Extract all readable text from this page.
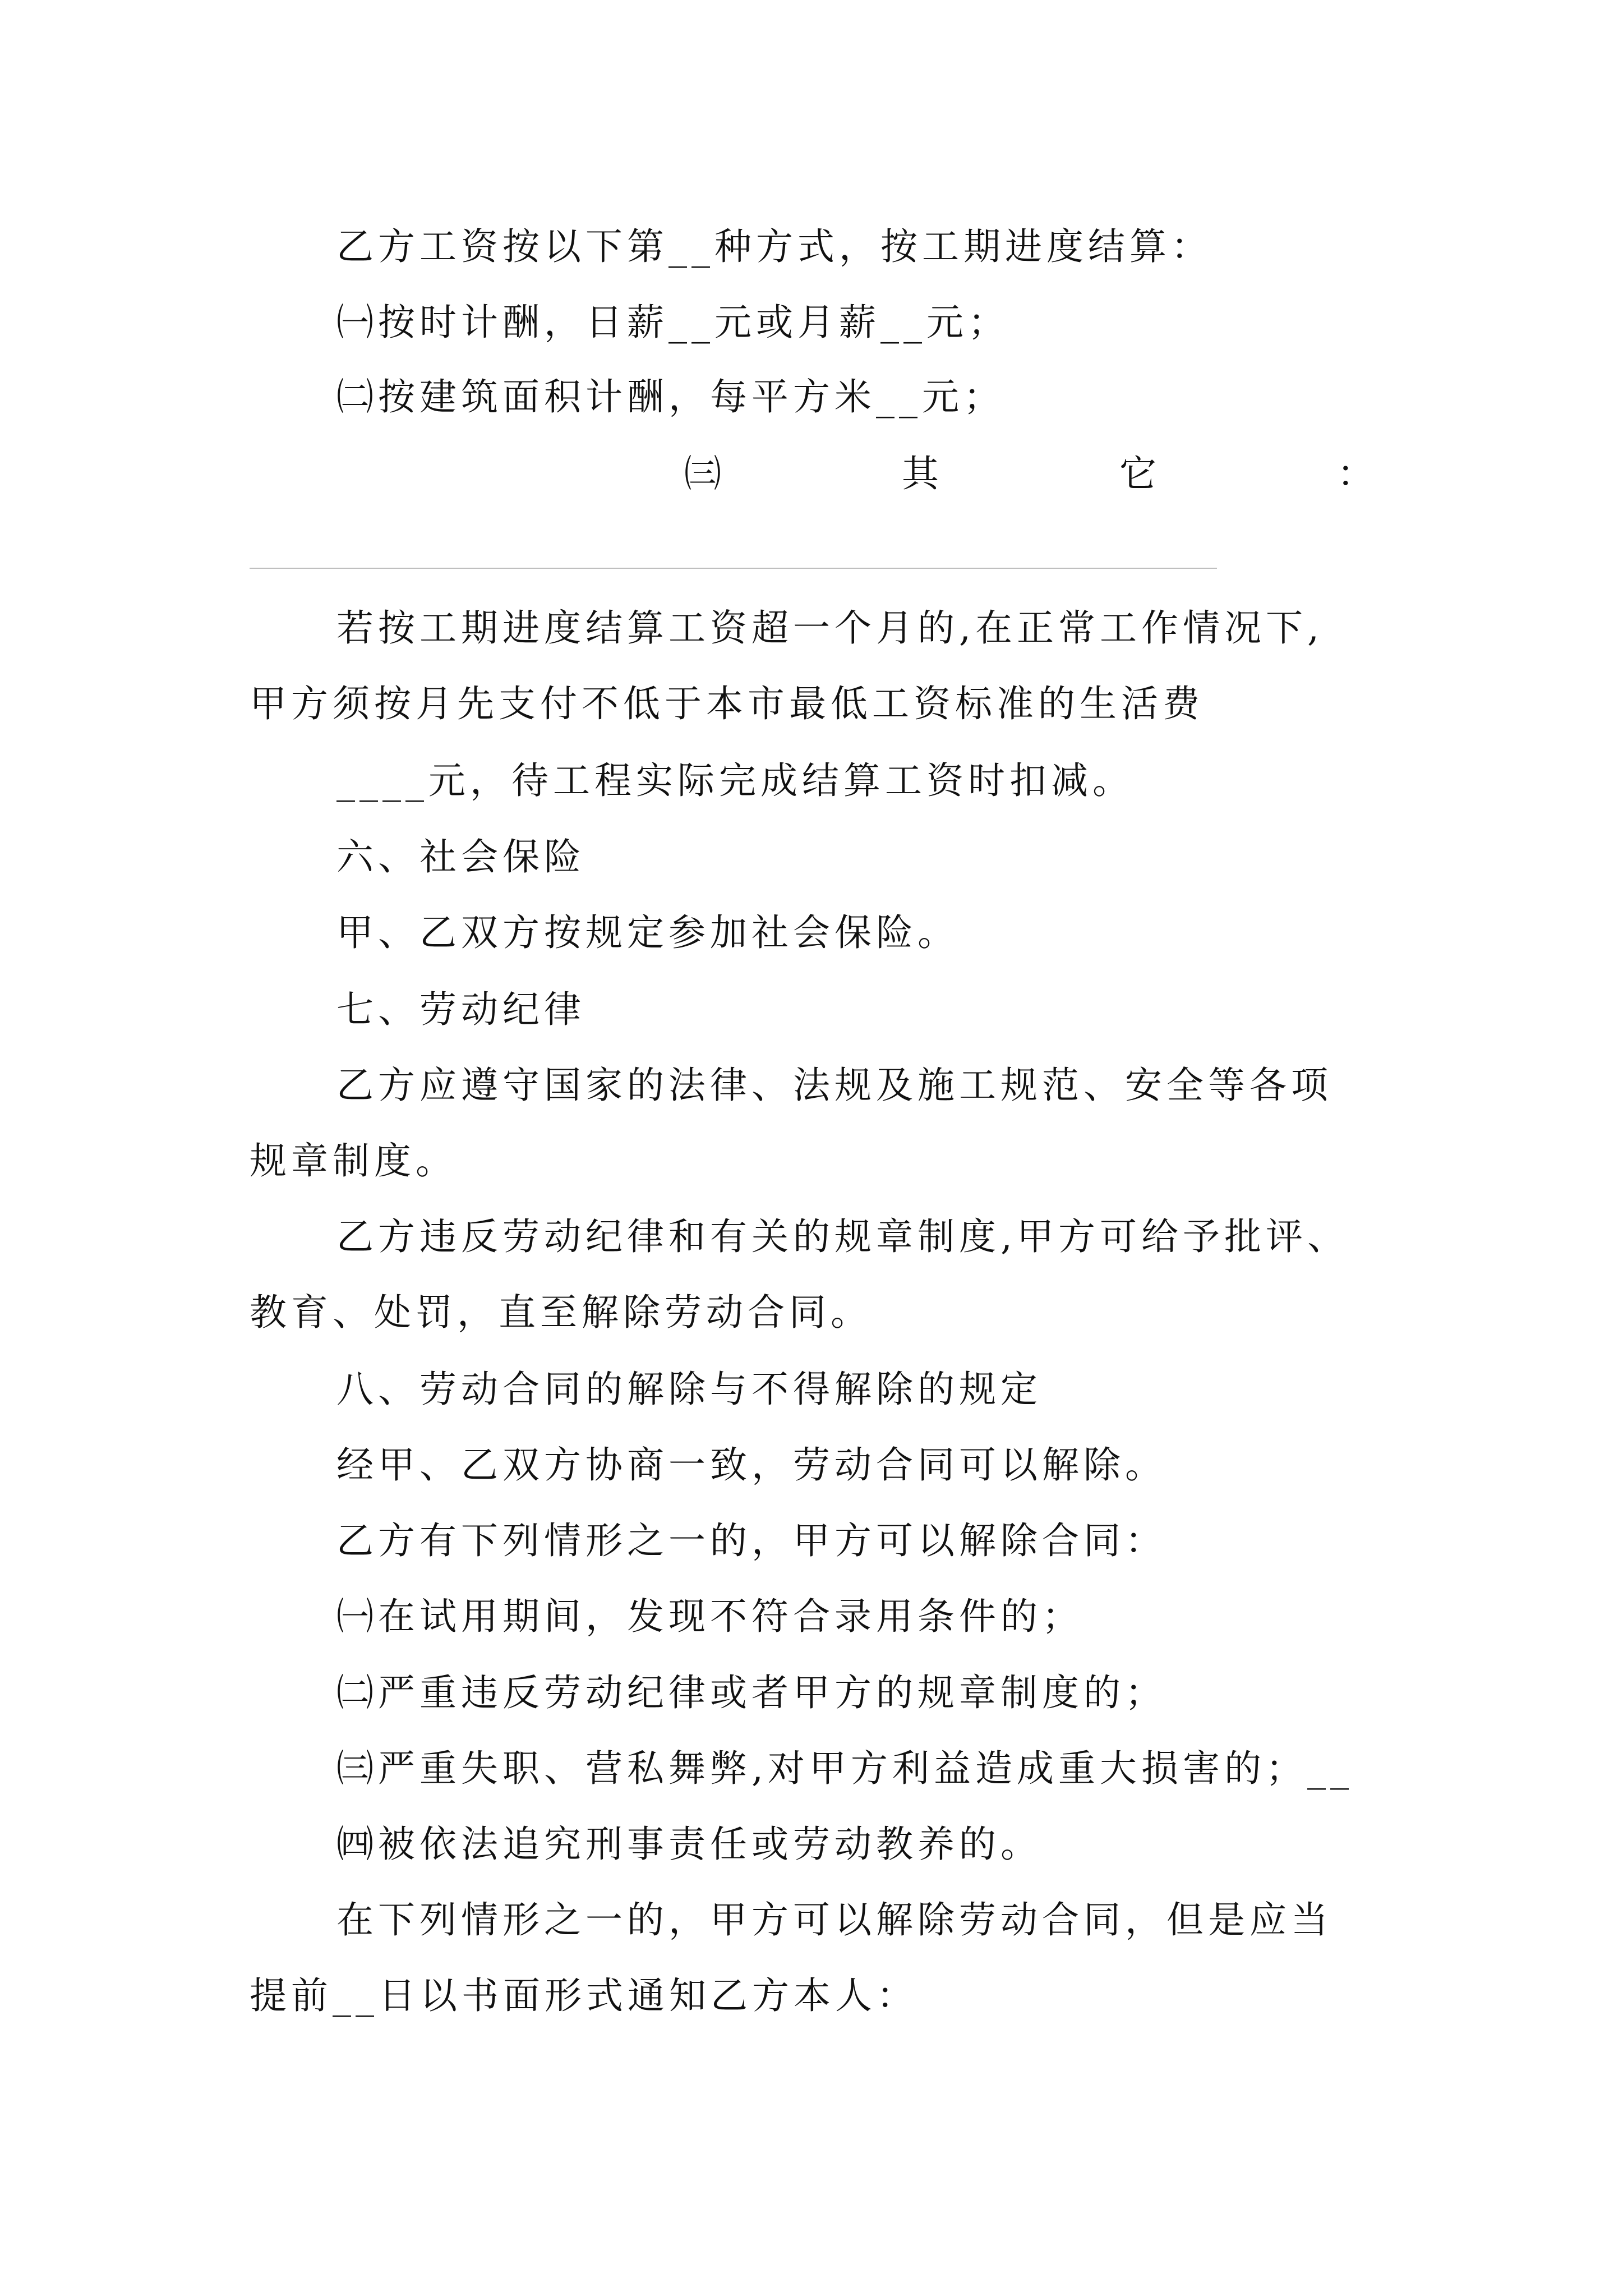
乙方工资按以下第__种方式，按工期进度结算：
㈠按时计酬，日薪__元或月薪__元；
㈡按建筑面积计酬，每平方米__元；
㈢	其	它	：
若按工期进度结算工资超一个月的,在正常工作情况下,
甲方须按月先支付不低于本市最低工资标准的生活费
____元，待工程实际完成结算工资时扣减。
六、社会保险
甲、乙双方按规定参加社会保险。
七、劳动纪律
乙方应遵守国家的法律、法规及施工规范、安全等各项
规章制度。
乙方违反劳动纪律和有关的规章制度,甲方可给予批评、
教育、处罚，直至解除劳动合同。
八、劳动合同的解除与不得解除的规定
经甲、乙双方协商一致，劳动合同可以解除。
乙方有下列情形之一的，甲方可以解除合同：
㈠在试用期间，发现不符合录用条件的；
㈡严重违反劳动纪律或者甲方的规章制度的；
㈢严重失职、营私舞弊,对甲方利益造成重大损害的；__
㈣被依法追究刑事责任或劳动教养的。
在下列情形之一的，甲方可以解除劳动合同，但是应当
提前__日以书面形式通知乙方本人：
